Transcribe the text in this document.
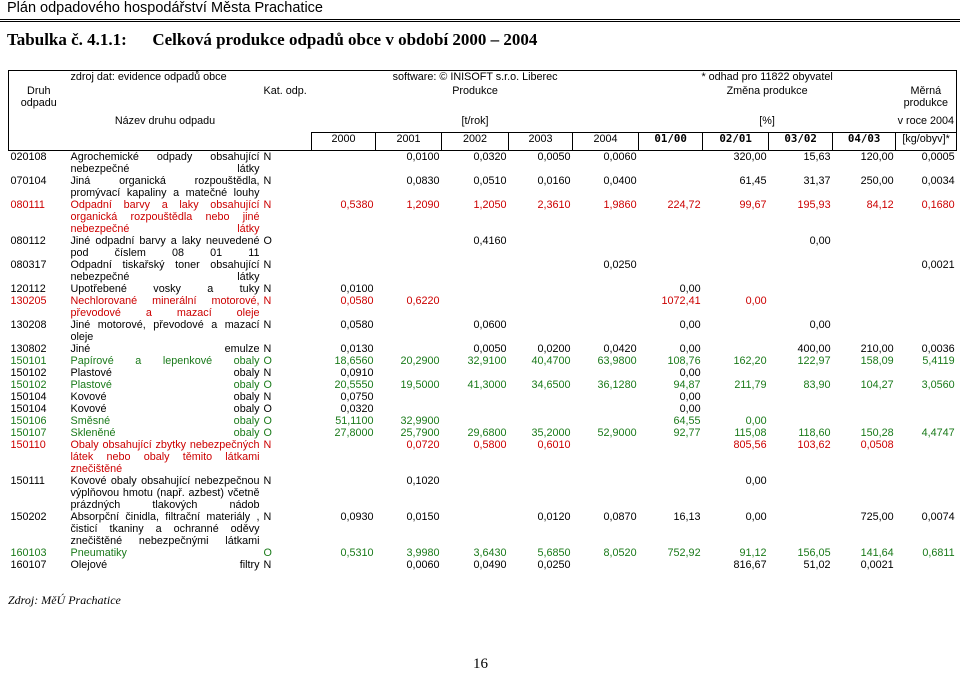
Plán odpadového hospodářství Města Prachatice
Tabulka č. 4.1.1:      Celková produkce odpadů obce v období 2000 – 2004
	zdroj dat: evidence odpadů obce		software: © INISOFT s.r.o. Liberec					* odhad pro 11822 obyvatel				
Druh odpadu		Kat. odp.	Produkce					Změna produkce				Měrná produkce
	Název druhu odpadu		[t/rok]					[%]				v roce 2004
			2000	2001	2002	2003	2004	01/00	02/01	03/02	04/03	[kg/obyv]*
020108	Agrochemické odpady obsahující nebezpečné látky	N		0,0100	0,0320	0,0050	0,0060		320,00	15,63	120,00	0,0005
070104	Jiná organická rozpouštědla, promývací kapaliny a matečné louhy	N		0,0830	0,0510	0,0160	0,0400		61,45	31,37	250,00	0,0034
080111	Odpadní barvy a laky obsahující organická rozpouštědla nebo jiné nebezpečné látky	N	0,5380	1,2090	1,2050	2,3610	1,9860	224,72	99,67	195,93	84,12	0,1680
080112	Jiné odpadní barvy a laky neuvedené pod číslem 08 01 11	O			0,4160					0,00		
080317	Odpadní tiskařský toner obsahující nebezpečné látky	N					0,0250					0,0021
120112	Upotřebené vosky a tuky	N	0,0100					0,00				
130205	Nechlorované minerální motorové, převodové a mazací oleje	N	0,0580	0,6220				1072,41	0,00			
130208	Jiné motorové, převodové a mazací oleje	N	0,0580		0,0600			0,00		0,00		
130802	Jiné emulze	N	0,0130		0,0050	0,0200	0,0420	0,00		400,00	210,00	0,0036
150101	Papírové a lepenkové obaly	O	18,6560	20,2900	32,9100	40,4700	63,9800	108,76	162,20	122,97	158,09	5,4119
150102	Plastové obaly	N	0,0910					0,00				
150102	Plastové obaly	O	20,5550	19,5000	41,3000	34,6500	36,1280	94,87	211,79	83,90	104,27	3,0560
150104	Kovové obaly	N	0,0750					0,00				
150104	Kovové obaly	O	0,0320					0,00				
150106	Směsné obaly	O	51,1100	32,9900				64,55	0,00			
150107	Skleněné obaly	O	27,8000	25,7900	29,6800	35,2000	52,9000	92,77	115,08	118,60	150,28	4,4747
150110	Obaly obsahující zbytky nebezpečných látek nebo obaly těmito látkami znečištěné	N		0,0720	0,5800	0,6010			805,56	103,62	0,0508	
150111	Kovové obaly obsahující nebezpečnou výplňovou hmotu (např. azbest) včetně prázdných tlakových nádob	N		0,1020					0,00			
150202	Absorpční činidla, filtrační materiály , čisticí tkaniny a ochranné oděvy znečištěné nebezpečnými látkami	N	0,0930	0,0150		0,0120	0,0870	16,13	0,00		725,00	0,0074
160103	Pneumatiky	O	0,5310	3,9980	3,6430	5,6850	8,0520	752,92	91,12	156,05	141,64	0,6811
160107	Olejové filtry	N		0,0060	0,0490	0,0250			816,67	51,02	0,0021	
Zdroj: MěÚ Prachatice
16
